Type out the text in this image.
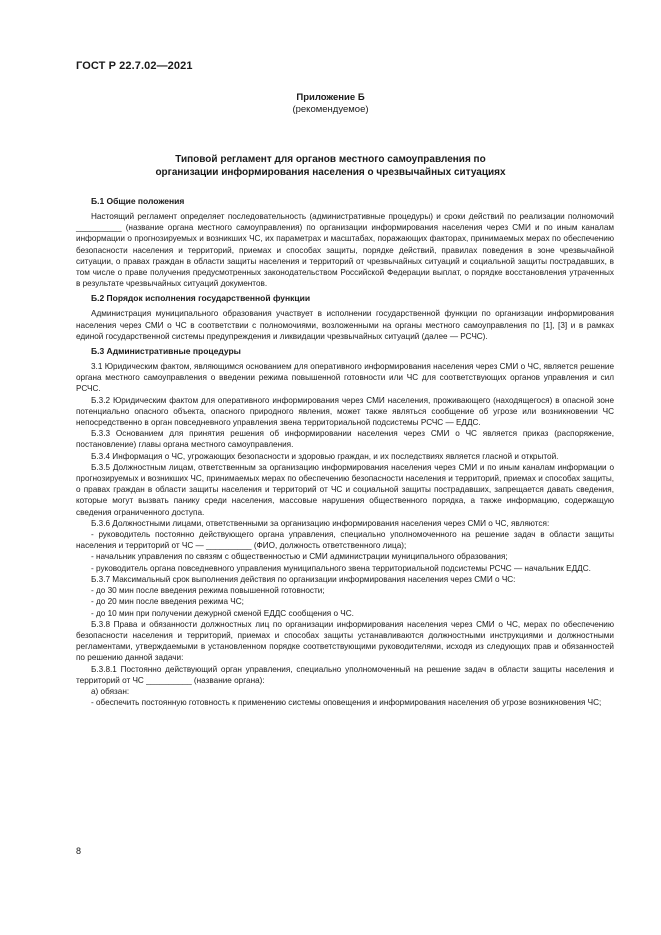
ГОСТ Р 22.7.02—2021
Приложение Б
(рекомендуемое)
Типовой регламент для органов местного самоуправления по
организации информирования населения о чрезвычайных ситуациях
Б.1 Общие положения

Настоящий регламент определяет последовательность (административные процедуры) и сроки действий по реализации полномочий __________ (название органа местного самоуправления) по организации информирования населения через СМИ и по иным каналам информации о прогнозируемых и возникших ЧС, их параметрах и масштабах, поражающих факторах, принимаемых мерах по обеспечению безопасности населения и территорий, приемах и способах защиты, порядке действий, правилах поведения в зоне чрезвычайной ситуации, о правах граждан в области защиты населения и территорий от чрезвычайных ситуаций и социальной защиты пострадавших, в том числе о праве получения предусмотренных законодательством Российской Федерации выплат, о порядке восстановления утраченных в результате чрезвычайных ситуаций документов.

Б.2 Порядок исполнения государственной функции

Администрация муниципального образования участвует в исполнении государственной функции по организации информирования населения через СМИ о ЧС в соответствии с полномочиями, возложенными на органы местного самоуправления по [1], [3] и в рамках единой государственной системы предупреждения и ликвидации чрезвычайных ситуаций (далее — РСЧС).

Б.3 Административные процедуры

3.1 Юридическим фактом, являющимся основанием для оперативного информирования населения через СМИ о ЧС, является решение органа местного самоуправления о введении режима повышенной готовности или ЧС для соответствующих органов управления и сил РСЧС.

Б.3.2 Юридическим фактом для оперативного информирования через СМИ населения, проживающего (находящегося) в опасной зоне потенциально опасного объекта, опасного природного явления, может также являться сообщение об угрозе или возникновении ЧС непосредственно в орган повседневного управления звена территориальной подсистемы РСЧС — ЕДДС.

Б.3.3 Основанием для принятия решения об информировании населения через СМИ о ЧС является приказ (распоряжение, постановление) главы органа местного самоуправления.

Б.3.4 Информация о ЧС, угрожающих безопасности и здоровью граждан, и их последствиях является гласной и открытой.

Б.3.5 Должностным лицам, ответственным за организацию информирования населения через СМИ и по иным каналам информации о прогнозируемых и возникших ЧС, принимаемых мерах по обеспечению безопасности населения и территорий, приемах и способах защиты, о правах граждан в области защиты населения и территорий от ЧС и социальной защиты пострадавших, запрещается давать сведения, которые могут вызвать панику среди населения, массовые нарушения общественного порядка, а также информацию, содержащую сведения ограниченного доступа.

Б.3.6 Должностными лицами, ответственными за организацию информирования населения через СМИ о ЧС, являются:

- руководитель постоянно действующего органа управления, специально уполномоченного на решение задач в области защиты населения и территорий от ЧС — __________ (ФИО, должность ответственного лица);

- начальник управления по связям с общественностью и СМИ администрации муниципального образования;

- руководитель органа повседневного управления муниципального звена территориальной подсистемы РСЧС — начальник ЕДДС.

Б.3.7 Максимальный срок выполнения действия по организации информирования населения через СМИ о ЧС:

- до 30 мин после введения режима повышенной готовности;

- до 20 мин после введения режима ЧС;

- до 10 мин при получении дежурной сменой ЕДДС сообщения о ЧС.

Б.3.8 Права и обязанности должностных лиц по организации информирования населения через СМИ о ЧС, мерах по обеспечению безопасности населения и территорий, приемах и способах защиты устанавливаются должностными инструкциями и должностными регламентами, утверждаемыми в установленном порядке соответствующими руководителями, исходя из следующих прав и обязанностей по решению данной задачи:

Б.3.8.1 Постоянно действующий орган управления, специально уполномоченный на решение задач в области защиты населения и территорий от ЧС __________ (название органа):

а) обязан:

- обеспечить постоянную готовность к применению системы оповещения и информирования населения об угрозе возникновения ЧС;

8
